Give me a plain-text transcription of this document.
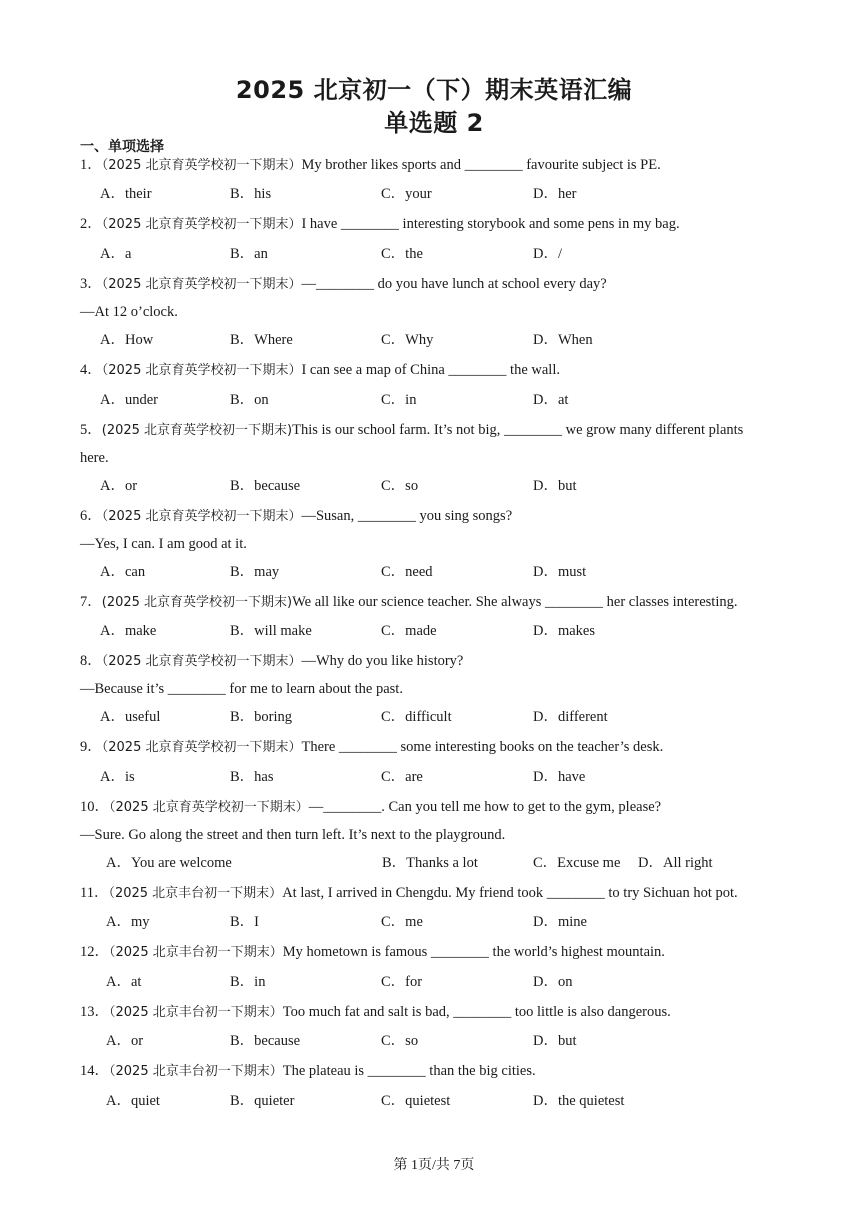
2025 北京初一（下）期末英语汇编
单选题 2
一、单项选择
1．（2025 北京育英学校初一下期末）My brother likes sports and ________ favourite subject is PE.
A．their	B．his	C．your	D．her
2．（2025 北京育英学校初一下期末）I have ________ interesting storybook and some pens in my bag.
A．a	B．an	C．the	D．/
3．（2025 北京育英学校初一下期末）—________ do you have lunch at school every day?
—At 12 o’clock.
A．How	B．Where	C．Why	D．When
4．（2025 北京育英学校初一下期末）I can see a map of China ________ the wall.
A．under	B．on	C．in	D．at
5．(2025 北京育英学校初一下期末)This is our school farm. It’s not big, ________ we grow many different plants
here.
A．or	B．because	C．so	D．but
6．（2025 北京育英学校初一下期末）—Susan, ________ you sing songs?
—Yes, I can. I am good at it.
A．can	B．may	C．need	D．must
7．(2025 北京育英学校初一下期末)We all like our science teacher. She always ________ her classes interesting.
A．make	B．will make	C．made	D．makes
8．（2025 北京育英学校初一下期末）—Why do you like history?
—Because it’s ________ for me to learn about the past.
A．useful	B．boring	C．difficult	D．different
9．（2025 北京育英学校初一下期末）There ________ some interesting books on the teacher’s desk.
A．is	B．has	C．are	D．have
10．（2025 北京育英学校初一下期末）—________. Can you tell me how to get to the gym, please?
—Sure. Go along the street and then turn left. It’s next to the playground.
A．You are welcome	B．Thanks a lot	C．Excuse me D．All right
11．（2025 北京丰台初一下期末）At last, I arrived in Chengdu. My friend took ________ to try Sichuan hot pot.
A．my	B．I	C．me	D．mine
12．（2025 北京丰台初一下期末）My hometown is famous ________ the world’s highest mountain.
A．at	B．in	C．for	D．on
13．（2025 北京丰台初一下期末）Too much fat and salt is bad, ________ too little is also dangerous.
A．or	B．because	C．so	D．but
14．（2025 北京丰台初一下期末）The plateau is ________ than the big cities.
A．quiet	B．quieter	C．quietest	D．the quietest
第 1页/共 7页
